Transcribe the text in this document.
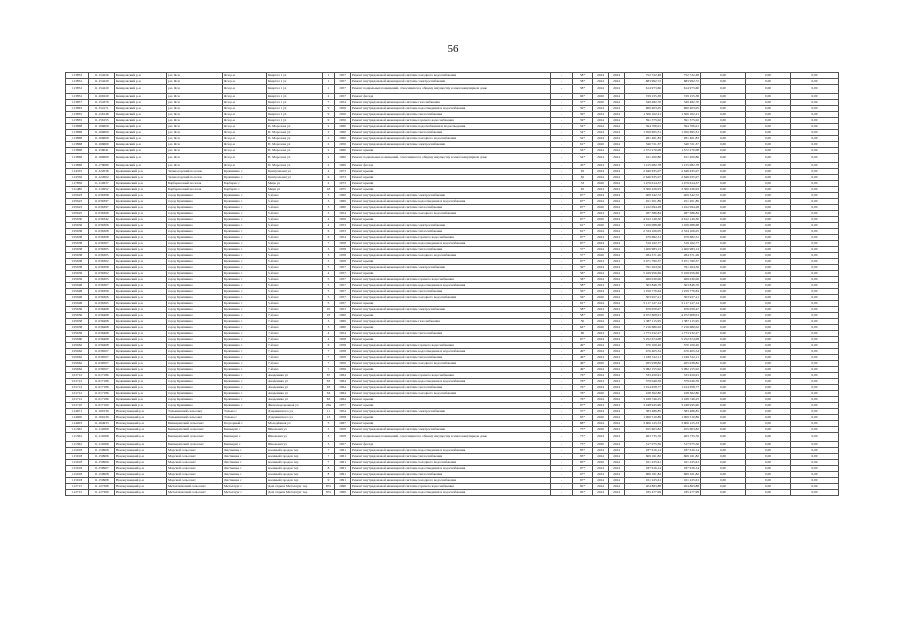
56
113852	11.154220	Кемеровский р-н	р.п. Ясн	Ясн р-н	Квартал 1 ул	1	1957	Ремонт внутридомовой инженерной системы холодного водоснабжения	-	58*	2024	2024	752 722,48	752 722,48	0,00	0,00	0,00
113852	11.154220	Кемеровский р-н	р.п. Ясн	Ясн р-н	Квартал 1 ул	1	1957	Ремонт внутридомовой инженерной системы электроснабжения	-	58*	2024	2024	683 992,72	683 992,72	0,00	0,00	0,00
113852	11.154220	Кемеровский р-н	р.п. Ясн	Ясн р-н	Квартал 1 ул	1	1957	Ремонт подвальных помещений, относящихся к общему имуществу в многоквартирном доме	-	58*	2024	2024	614 973,60	614 973,60	0,00	0,00	0,00
113852	11.160220	Кемеровский р-н	р.п. Ясн	Ясн р-н	Квартал 1 ул	2	1957	Ремонт фасада	-	66*	2020	2024	729 155,38	729 155,38	0,00	0,00	0,00
113857	11.154370	Кемеровский р-н	р.п. Ясн	Ясн р-н	Квартал 1 ул	7	1954	Ремонт внутридомовой инженерной системы газоснабжения	-	57*	2020	2024	349 482,70	349 482,70	0,00	0,00	0,00
113863	11.154171	Кемеровский р-н	р.п. Ясн	Ясн р-н	Квартал 1 ул	9	1956	Ремонт внутридомовой инженерной системы водоотведения и водоснабжения	-	59*	2024	2024	660 403,05	660 403,05	0,00	0,00	0,00
113835	11.156146	Кемеровский р-н	р.п. Ясн	Ясн р-н	Квартал 1 ул	9	1956	Ремонт внутридомовой инженерной системы теплоснабжения	-	59*	2024	2024	1 506 102,21	1 506 102,21	0,00	0,00	0,00
113835	11.156155	Кемеровский р-н	р.п. Ясн	Ясн р-н	Квартал 1 ул	9	1956	Ремонт внутридомовой инженерной системы горячего водоснабжения	-	59*	2024	2024	391 375,02	391 375,02	0,00	0,00	0,00
113868	11.166609	Кемеровский р-н	р.п. Ясн	Ясн р-н	П. Морозова ул	2	1960	Ремонт внутридомовой инженерной системы водоснабжения и водоотведения	-	54*	2024	2024	594 706,01	594 706,01	0,00	0,00	0,00
113868	11.166609	Кемеровский р-н	р.п. Ясн	Ясн р-н	П. Морозова ул	2	1960	Ремонт внутридомовой инженерной системы теплоснабжения	-	54*	2024	2024	1 050 695,31	1 050 695,31	0,00	0,00	0,00
113868	11.166609	Кемеровский р-н	р.п. Ясн	Ясн р-н	П. Морозова ул	2	1960	Ремонт внутридомовой инженерной системы холодного водоснабжения	-	54*	2024	2024	281 461,83	281 461,83	0,00	0,00	0,00
113868	11.166609	Кемеровский р-н	р.п. Ясн	Ясн р-н	П. Морозова ул	2	1956	Ремонт внутридомовой инженерной системы электроснабжения	-	61*	2020	2024	340 721,37	340 721,37	0,00	0,00	0,00
113868	11.156041	Кемеровский р-н	р.п. Ясн	Ясн р-н	П. Морозова ул	2	1960	Ремонт крыши	-	54*	2024	2024	1 572 270,08	1 572 270,08	0,00	0,00	0,00
113868	11.166609	Кемеровский р-н	р.п. Ясн	Ясн р-н	П. Морозова ул	2	1960	Ремонт подвальных помещений, относящихся к общему имуществу в многоквартирном доме	-	54*	2024	2024	611 200,80	611 200,80	0,00	0,00	0,00
113868	11.170080	Кемеровский р-н	р.п. Ясн	Ясн р-н	П. Морозова ул	2	1969	Ремонт фасада	-	45*	2024	2024	1 215 082,78	1 215 082,78	0,00	0,00	0,00
114355	11.122036	Крапивинский р-н	Зеленогорский поселок	Крапивино с	Центральная ул	4	1973	Ремонт крыши	-	65	2024	2024	2 646 635,07	2 646 635,07	0,00	0,00	0,00
114356	11.122602	Крапивинский р-н	Зеленогорский поселок	Крапивино с	Центральная ул	6	1973	Ремонт крыши	-	65	2024	2024	2 646 635,07	2 646 635,07	0,00	0,00	0,00
117856	11.110637	Крапивинский р-н	Барбарисовый поселок	Барбарис с	Мира ул	2	1973	Ремонт крыши	-	33	2020	2024	1 479 614,37	1 479 614,37	0,00	0,00	0,00
111486	11.110652	Крапивинский р-н	Барбарисовый поселок	Барбарис с	Мира ул	18	1975	Ремонт крыши	-	65	2024	2024	3 300 226,93	3 300 226,93	0,00	0,00	0,00
105623	11.036398	Крапивинский р-н	город Крапивино	Крапивино с	5-й квл	3	1960	Ремонт внутридомовой инженерной системы электроснабжения	-	67*	2024	2024	409 342,72	409 342,72	0,00	0,00	0,00
105623	11.036397	Крапивинский р-н	город Крапивино	Крапивино с	5-й квл	3	1960	Ремонт внутридомовой инженерной системы водоотведения и водоснабжения	-	67*	2024	2024	451 201,89	451 201,89	0,00	0,00	0,00
105623	11.036397	Крапивинский р-н	город Крапивино	Крапивино с	5-й квл	3	1960	Ремонт внутридомовой инженерной системы теплоснабжения	-	67*	2020	2024	1 222 094,28	1 222 094,28	0,00	0,00	0,00
105625	11.036366	Крапивинский р-н	город Крапивино	Крапивино с	5-й квл	3	1954	Ремонт внутридомовой инженерной системы холодного водоснабжения	-	67*	2024	2024	287 586,84	287 586,84	0,00	0,00	0,00
105630	11.036342	Крапивинский р-н	город Крапивино	Крапивино с	5-й квл	4	1956	Ремонт крыши	-	67*	2020	2024	4 612 149,30	4 612 149,30	0,00	0,00	0,00
105636	11.036306	Крапивинский р-н	город Крапивино	Крапивино с	5-й квл	4	1953	Ремонт внутридомовой инженерной системы электроснабжения	-	61*	2020	2024	1 456 088,68	1 456 088,68	0,00	0,00	0,00
105638	11.036308	Крапивинский р-н	город Крапивино	Крапивино с	5-й квл	6	1953	Ремонт внутридомовой инженерной системы теплоснабжения	-	61*	2024	2024	2 334 106,05	2 334 106,05	0,00	0,00	0,00
105638	11.036308	Крапивинский р-н	город Крапивино	Крапивино с	5-й квл	6	1954	Ремонт внутридомовой инженерной системы горячего водоснабжения	-	67*	2024	2024	479 682,31	479 682,31	0,00	0,00	0,00
105638	11.036307	Крапивинский р-н	город Крапивино	Крапивино с	5-й квл	7	1958	Ремонт внутридомовой инженерной системы водоотведения и водоснабжения	-	67*	2024	2024	519 162,77	519 162,77	0,00	0,00	0,00
105638	11.036305	Крапивинский р-н	город Крапивино	Крапивино с	5-й квл	3	1958	Ремонт внутридомовой инженерной системы теплоснабжения	-	57*	2024	2024	1 400 983,13	1 400 983,13	0,00	0,00	0,00
105638	11.036305	Крапивинский р-н	город Крапивино	Крапивино с	5-й квл	3	1958	Ремонт внутридомовой инженерной системы холодного водоснабжения	-	57*	2020	2024	284 371,26	284 371,26	0,00	0,00	0,00
105638	11.036302	Крапивинский р-н	город Крапивино	Крапивино с	5-й квл	3	1958	Ремонт крыши	-	67*	2024	2024	3 071 760,37	3 071 760,37	0,00	0,00	0,00
105638	11.036308	Крапивинский р-н	город Крапивино	Крапивино с	5-й квл	5	1957	Ремонт внутридомовой инженерной системы электроснабжения	-	59*	2024	2024	791 264,56	791 264,56	0,00	0,00	0,00
105639	11.036302	Крапивинский р-н	город Крапивино	Крапивино с	5-й квл	4	1957	Ремонт крыши	-	56*	2024	2024	5 169 956,69	5 169 956,69	0,00	0,00	0,00
105639	11.036303	Крапивинский р-н	город Крапивино	Крапивино с	5-й квл	5	1957	Ремонт внутридомовой инженерной системы горячего водоснабжения	-	58*	2024	2024	469 030,06	469 030,06	0,00	0,00	0,00
105648	11.036307	Крапивинский р-н	город Крапивино	Крапивино с	5-й квл	5	1957	Ремонт внутридомовой инженерной системы водоотведения и водоснабжения	-	58*	2024	2024	503 846,76	503 846,76	0,00	0,00	0,00
105648	11.036306	Крапивинский р-н	город Крапивино	Крапивино с	5-й квл	5	1957	Ремонт внутридомовой инженерной системы теплоснабжения	-	56*	2024	2024	1 259 776,64	1 259 776,64	0,00	0,00	0,00
105648	11.036306	Крапивинский р-н	город Крапивино	Крапивино с	5-й квл	5	1957	Ремонт внутридомовой инженерной системы холодного водоснабжения	-	56*	2020	2024	303 927,21	303 927,21	0,00	0,00	0,00
105648	11.036365	Крапивинский р-н	город Крапивино	Крапивино с	5-й квл	5	1957	Ремонт крыши	-	61*	2024	2024	5 117 127,14	5 117 127,14	0,00	0,00	0,00
105656	11.036468	Крапивинский р-н	город Крапивино	Крапивино с	7-й квл	10	1953	Ремонт внутридомовой инженерной системы электроснабжения	-	58*	2024	2024	676 059,47	676 059,47	0,00	0,00	0,00
105656	11.036468	Крапивинский р-н	город Крапивино	Крапивино с	7-й квл	10	1960	Ремонт крыши	-	58*	2020	2024	4 072 608,01	4 072 608,01	0,00	0,00	0,00
105658	11.036468	Крапивинский р-н	город Крапивино	Крапивино с	7-й квл	3	1960	Ремонт внутридомовой инженерной системы газоснабжения	-	50	2024	2024	1 387 115,95	1 387 115,95	0,00	0,00	0,00
105658	11.036468	Крапивинский р-н	город Крапивино	Крапивино с	7-й квл	3	1960	Ремонт крыши	-	64*	2020	2024	7 216 680,02	7 216 680,02	0,00	0,00	0,00
105659	11.036468	Крапивинский р-н	город Крапивино	Крапивино с	7-й квл	4	1954	Ремонт внутридомовой инженерной системы теплоснабжения	-	60	2024	2024	1 773 232,27	1 773 232,27	0,00	0,00	0,00
105660	11.036468	Крапивинский р-н	город Крапивино	Крапивино с	7-й квл	4	1958	Ремонт крыши	-	67*	2024	2024	5 252 674,08	5 252 674,08	0,00	0,00	0,00
105662	11.036468	Крапивинский р-н	город Крапивино	Крапивино с	7-й квл	6	1958	Ремонт внутридомовой инженерной системы горячего водоснабжения	-	49*	2024	2024	370 109,26	370 109,26	0,00	0,00	0,00
105662	11.036507	Крапивинский р-н	город Крапивино	Крапивино с	7-й квл	7	1958	Ремонт внутридомовой инженерной системы водоотведения и водоснабжения	-	49*	2024	2024	470 405,54	470 405,54	0,00	0,00	0,00
105662	11.036507	Крапивинский р-н	город Крапивино	Крапивино с	7-й квл	7	1958	Ремонт внутридомовой инженерной системы теплоснабжения	-	49*	2024	2024	1 169 312,11	1 169 312,11	0,00	0,00	0,00
105662	11.036507	Крапивинский р-н	город Крапивино	Крапивино с	7-й квл	7	1956	Ремонт внутридомовой инженерной системы холодного водоснабжения	-	49*	2020	2024	265 938,82	265 938,82	0,00	0,00	0,00
105662	11.036507	Крапивинский р-н	город Крапивино	Крапивино с	7-й квл	7	1956	Ремонт крыши	-	49*	2024	2024	5 082 155,92	5 082 155,92	0,00	0,00	0,00
101712	11.017186	Крапивинский р-н	город Крапивино	Крапивино с	Академика ул	67	1964	Ремонт внутридомовой инженерной системы горячего водоснабжения	-	76*	2024	2024	333 450,91	333 450,91	0,00	0,00	0,00
101712	11.017186	Крапивинский р-н	город Крапивино	Крапивино с	Академика ул	63	1964	Ремонт внутридомовой инженерной системы водоотведения и водоснабжения	-	76*	2024	2024	379 049,59	379 049,59	0,00	0,00	0,00
101712	11.017186	Крапивинский р-н	город Крапивино	Крапивино с	Академика ул	63	1964	Ремонт внутридомовой инженерной системы теплоснабжения	-	76*	2024	2024	1 014 658,77	1 014 658,77	0,00	0,00	0,00
101712	11.017186	Крапивинский р-н	город Крапивино	Крапивино с	Академика ул	63	1964	Ремонт внутридомовой инженерной системы холодного водоснабжения	-	76*	2020	2024	228 362,80	228 362,80	0,00	0,00	0,00
101712	11.017186	Крапивинский р-н	город Крапивино	Крапивино с	Академика ул	63	1964	Ремонт крыши	-	76*	2024	2024	3 168 746,25	3 168 746,25	0,00	0,00	0,00
101710	11.017160	Крапивинский р-н	город Крапивино	Крапивино с	Железнодорожная ул	26а	1977	Ремонт крыши	-	67*	2024	2024	3 248 945,90	3 248 945,90	0,00	0,00	0,00
114671	11.160130	Новокузнецкий р-н	Тальжинский сельсовет	Тальжа с	Дзержинского ул	11	1954	Ремонт внутридомовой инженерной системы электроснабжения	-	57*	2024	2024	583 486,85	583 486,85	0,00	0,00	0,00
114900	11.160130	Новокузнецкий р-н	Тальжинский сельсовет	Тальжа с	Дзержинского ул	13	1958	Ремонт крыши	-	65*	2020	2024	1 069 510,89	1 069 510,89	0,00	0,00	0,00
114903	11.164933	Новокузнецкий р-н	Бенжерепский сельсовет	Подгорный с	Молодёжная ул	5	1967	Ремонт крыши	-	68*	2024	2024	3 606 125,33	3 606 125,33	0,00	0,00	0,00
111562	11.112068	Новокузнецкий р-н	Бенжерепский сельсовет	Бенжереп с	Школьная ул	3	1958	Ремонт внутридомовой инженерной системы электроснабжения	-	75*	2020	2024	455 603,82	455 603,82	0,00	0,00	0,00
111562	11.112068	Новокузнецкий р-н	Бенжерепский сельсовет	Бенжереп с	Школьная ул	3	1958	Ремонт подвальных помещений, относящихся к общему имуществу в многоквартирном доме	-	75*	2024	2024	463 735,76	463 735,76	0,00	0,00	0,00
111562	11.112068	Новокузнецкий р-н	Бенжерепский сельсовет	Бенжереп с	Школьная ул	3	1957	Ремонт фасада	-	75*	2020	2024	517 075,56	517 075,56	0,00	0,00	0,00
115918	11.159906	Новокузнецкий р-н	Морской сельсовет	Лиственка с	военный городок тер	7	1961	Ремонт внутридомовой инженерной системы водоотведения и водоснабжения	-	83*	2024	2024	187 616,14	187 616,14	0,00	0,00	0,00
115918	11.159906	Новокузнецкий р-н	Морской сельсовет	Лиственка с	военный городок тер	7	1961	Ремонт внутридомовой инженерной системы теплоснабжения	-	83*	2024	2024	669 161,82	669 161,82	0,00	0,00	0,00
115918	11.159906	Новокузнецкий р-н	Морской сельсовет	Лиственка с	военный городок тер	7	1961	Ремонт внутридомовой инженерной системы холодного водоснабжения	-	83*	2020	2024	161 225,61	161 225,61	0,00	0,00	0,00
115918	11.159907	Новокузнецкий р-н	Морской сельсовет	Лиственка с	военный городок тер	8	1991	Ремонт внутридомовой инженерной системы водоотведения и водоснабжения	-	67*	2024	2024	187 616,14	187 616,14	0,00	0,00	0,00
115918	11.159908	Новокузнецкий р-н	Морской сельсовет	Лиственка с	военный городок тер	8	1991	Ремонт внутридомовой инженерной системы теплоснабжения	-	67*	2024	2024	669 161,82	669 161,82	0,00	0,00	0,00
115918	11.159908	Новокузнецкий р-н	Морской сельсовет	Лиственка с	военный городок тер	9	1991	Ремонт внутридомовой инженерной системы холодного водоснабжения	-	67*	2024	2024	161 225,61	161 225,61	0,00	0,00	0,00
112715	11.127368	Новокузнецкий р-н	Металлический сельсовет	Металлург с	Дом отдыха Металлург тер	87а	1990	Ремонт внутридомовой инженерной системы горячего водоснабжения	-	82*	2024	2024	204 863,88	204 863,88	0,00	0,00	0,00
112715	11.127369	Новокузнецкий р-н	Металлический сельсовет	Металлург с	Дом отдыха Металлург тер	87а	1990	Ремонт внутридомовой инженерной системы водоотведения и водоснабжения	-	82*	2024	2024	185 477,99	185 477,99	0,00	0,00	0,00
